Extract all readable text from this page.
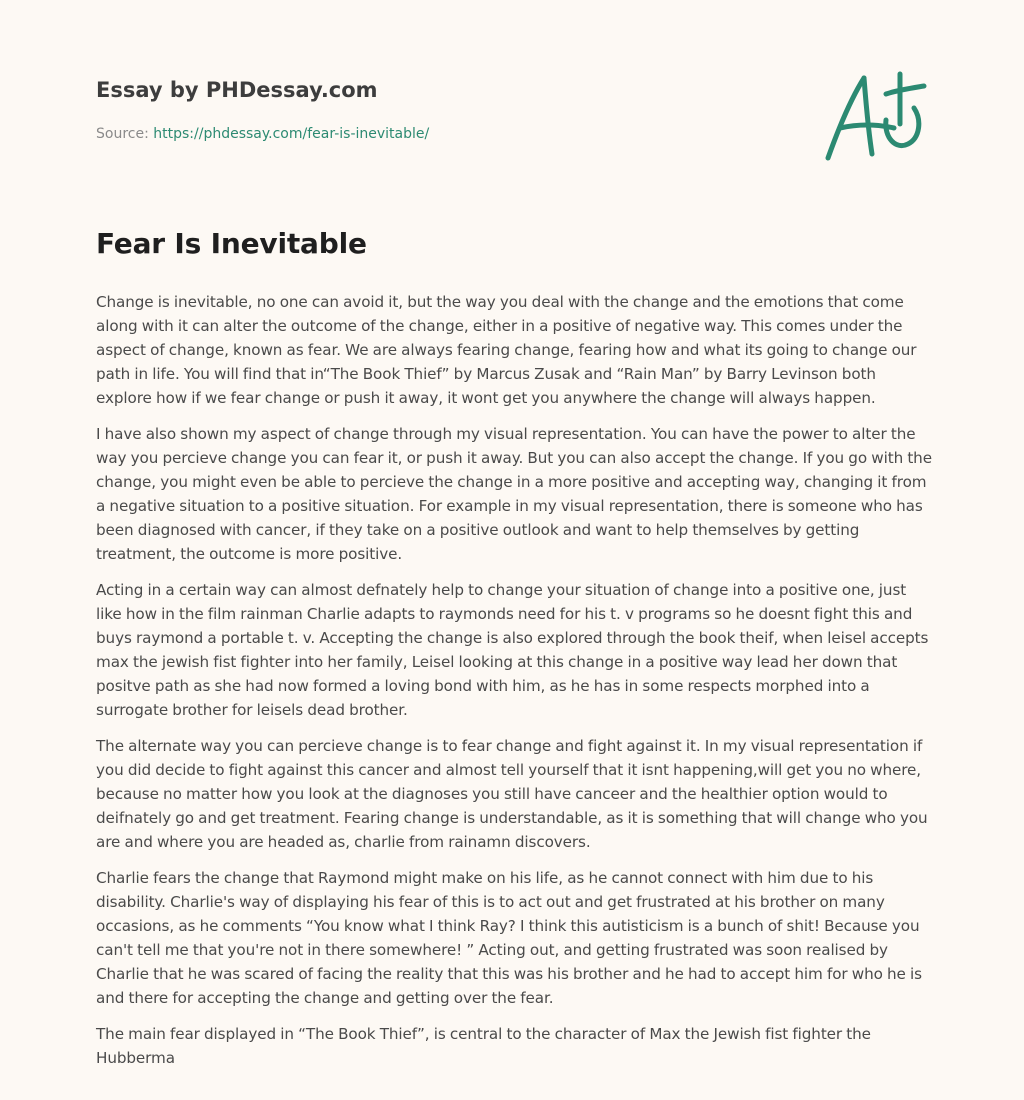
Essay by PHDessay.com
Source: https://phdessay.com/fear-is-inevitable/
Fear Is Inevitable

Change is inevitable, no one can avoid it, but the way you deal with the change and the emotions that come along with it can alter the outcome of the change, either in a positive of negative way. This comes under the aspect of change, known as fear. We are always fearing change, fearing how and what its going to change our path in life. You will find that in“The Book Thief” by Marcus Zusak and “Rain Man” by Barry Levinson both explore how if we fear change or push it away, it wont get you anywhere the change will always happen.

I have also shown my aspect of change through my visual representation. You can have the power to alter the way you percieve change you can fear it, or push it away. But you can also accept the change. If you go with the change, you might even be able to percieve the change in a more positive and accepting way, changing it from a negative situation to a positive situation. For example in my visual representation, there is someone who has been diagnosed with cancer, if they take on a positive outlook and want to help themselves by getting treatment, the outcome is more positive.

Acting in a certain way can almost defnately help to change your situation of change into a positive one, just like how in the film rainman Charlie adapts to raymonds need for his t. v programs so he doesnt fight this and buys raymond a portable t. v. Accepting the change is also explored through the book theif, when leisel accepts max the jewish fist fighter into her family, Leisel looking at this change in a positive way lead her down that positve path as she had now formed a loving bond with him, as he has in some respects morphed into a surrogate brother for leisels dead brother.

The alternate way you can percieve change is to fear change and fight against it. In my visual representation if you did decide to fight against this cancer and almost tell yourself that it isnt happening,will get you no where, because no matter how you look at the diagnoses you still have canceer and the healthier option would to deifnately go and get treatment. Fearing change is understandable, as it is something that will change who you are and where you are headed as, charlie from rainamn discovers.

Charlie fears the change that Raymond might make on his life, as he cannot connect with him due to his disability. Charlie's way of displaying his fear of this is to act out and get frustrated at his brother on many occasions, as he comments “You know what I think Ray? I think this autisticism is a bunch of shit! Because you can't tell me that you're not in there somewhere! ” Acting out, and getting frustrated was soon realised by Charlie that he was scared of facing the reality that this was his brother and he had to accept him for who he is and there for accepting the change and getting over the fear.

The main fear displayed in “The Book Thief”, is central to the character of Max the Jewish fist fighter the Hubberma
